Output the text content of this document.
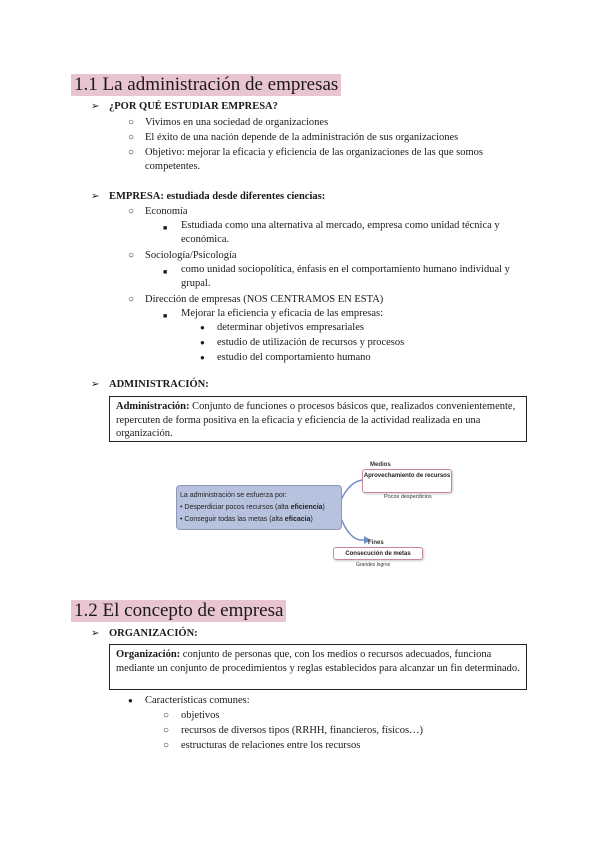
1.1 La administración de empresas
➢ ¿POR QUÉ ESTUDIAR EMPRESA?
○ Vivimos en una sociedad de organizaciones
○ El éxito de una nación depende de la administración de sus organizaciones
○ Objetivo: mejorar la eficacia y eficiencia de las organizaciones de las que somos competentes.
➢ EMPRESA: estudiada desde diferentes ciencias:
○ Economía
■ Estudiada como una alternativa al mercado, empresa como unidad técnica y económica.
○ Sociología/Psicología
■ como unidad sociopolítica, énfasis en el comportamiento humano individual y grupal.
○ Dirección de empresas (NOS CENTRAMOS EN ESTA)
■ Mejorar la eficiencia y eficacia de las empresas:
● determinar objetivos empresariales
● estudio de utilización de recursos y procesos
● estudio del comportamiento humano
➢ ADMINISTRACIÓN:
Administración: Conjunto de funciones o procesos básicos que, realizados convenientemente, repercuten de forma positiva en la eficacia y eficiencia de la actividad realizada en una organización.
La administración se esfuerza por:
• Desperdiciar pocos recursos (alta eficiencia)
• Conseguir todas las metas (alta eficacia)
Medios
Aprovechamiento de recursos
Pocos desperdicios
Fines
Consecución de metas
Grandes logros
1.2 El concepto de empresa
➢ ORGANIZACIÓN:
Organización: conjunto de personas que, con los medios o recursos adecuados, funciona mediante un conjunto de procedimientos y reglas establecidos para alcanzar un fin determinado.
● Características comunes:
○ objetivos
○ recursos de diversos tipos (RRHH, financieros, físicos…)
○ estructuras de relaciones entre los recursos
